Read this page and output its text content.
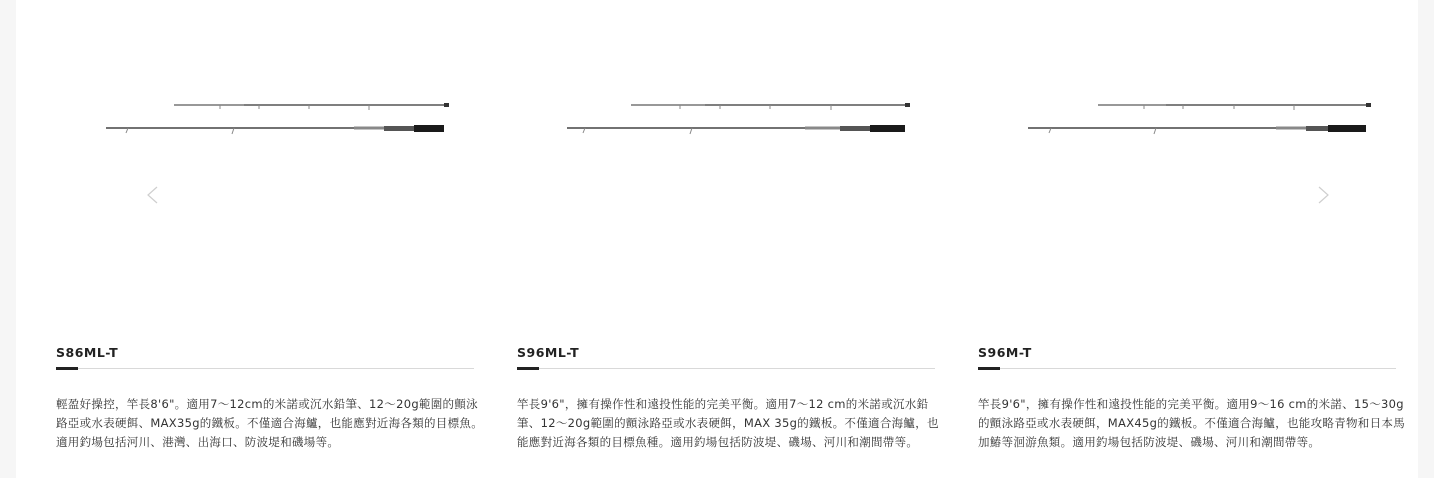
S86ML-T
輕盈好操控，竿長8'6"。適用7～12cm的米諾或沉水鉛筆、12～20g範圍的顫泳路亞或水表硬餌、MAX35g的鐵板。不僅適合海鱸，也能應對近海各類的目標魚。適用釣場包括河川、港灣、出海口、防波堤和磯場等。
S96ML-T
竿長9'6"，擁有操作性和遠投性能的完美平衡。適用7～12 cm的米諾或沉水鉛筆、12～20g範圍的顫泳路亞或水表硬餌，MAX 35g的鐵板。不僅適合海鱸，也能應對近海各類的目標魚種。適用釣場包括防波堤、磯場、河川和潮間帶等。
S96M-T
竿長9'6"，擁有操作性和遠投性能的完美平衡。適用9～16 cm的米諾、15～30g的顫泳路亞或水表硬餌，MAX45g的鐵板。不僅適合海鱸，也能攻略青物和日本馬加鰆等洄游魚類。適用釣場包括防波堤、磯場、河川和潮間帶等。
